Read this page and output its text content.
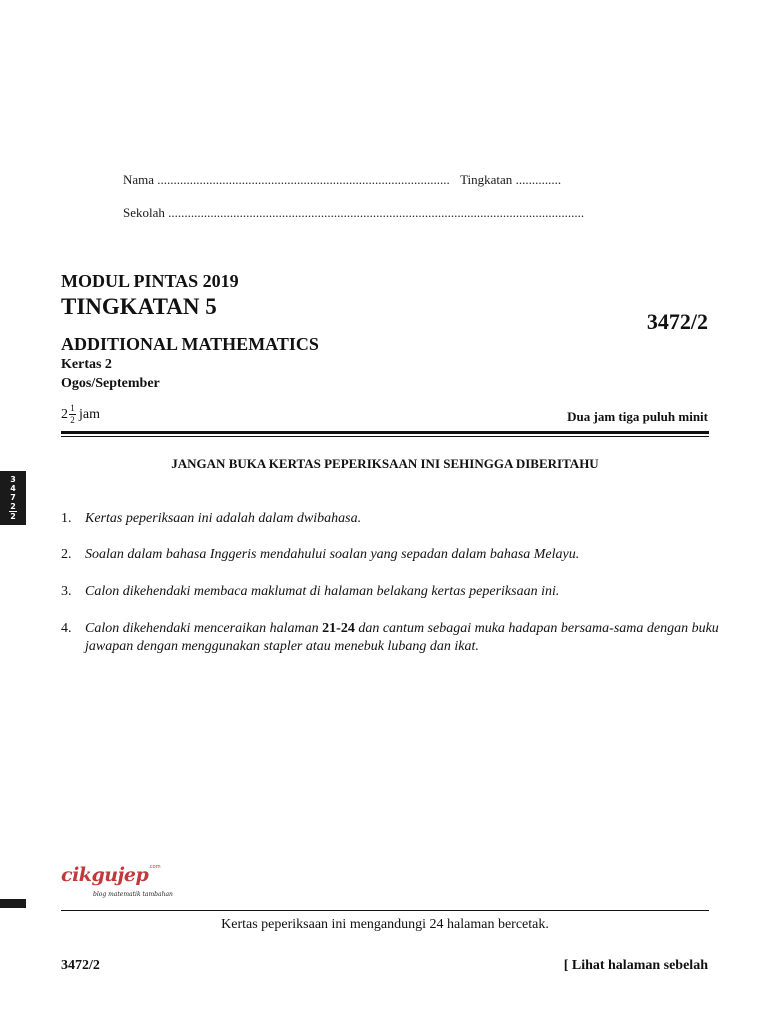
Nama .......................................................................................... Tingkatan ..............
Sekolah ................................................................................................................................
MODUL PINTAS 2019
TINGKATAN 5
3472/2
ADDITIONAL MATHEMATICS
Kertas 2
Ogos/September
$2 \frac{1}{2}$ jam	Dua jam tiga puluh minit
JANGAN BUKA KERTAS PEPERIKSAAN INI SEHINGGA DIBERITAHU
3
4
7
2
2	1. Kertas peperiksaan ini adalah dalam dwibahasa.
2. Soalan dalam bahasa Inggeris mendahului soalan yang sepadan dalam bahasa Melayu.
3. Calon dikehendaki membaca maklumat di halaman belakang kertas peperiksaan ini.
4. Calon dikehendaki menceraikan halaman 21-24 dan cantum sebagai muka hadapan bersama-sama dengan buku jawapan dengan menggunakan stapler atau menebuk lubang dan ikat.
cikgujep$^{.com}$
blog matematik tambahan
Kertas peperiksaan ini mengandungi 24 halaman bercetak.
3472/2	[ Lihat halaman sebelah
